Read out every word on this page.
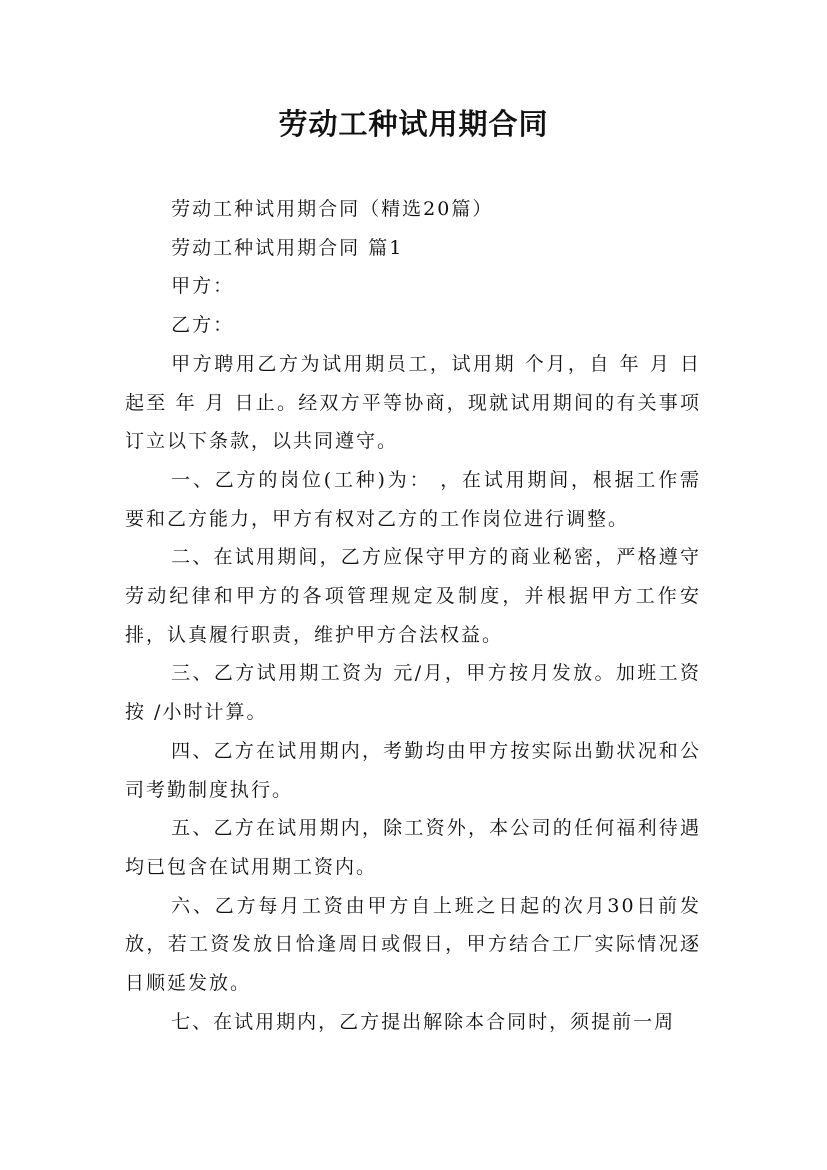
劳动工种试用期合同

劳动工种试用期合同（精选20篇）

劳动工种试用期合同 篇1

甲方：

乙方：

甲方聘用乙方为试用期员工，试用期 个月，自 年 月 日起至 年 月 日止。经双方平等协商，现就试用期间的有关事项订立以下条款，以共同遵守。

一、乙方的岗位(工种)为： ，在试用期间，根据工作需要和乙方能力，甲方有权对乙方的工作岗位进行调整。

二、在试用期间，乙方应保守甲方的商业秘密，严格遵守劳动纪律和甲方的各项管理规定及制度，并根据甲方工作安排，认真履行职责，维护甲方合法权益。

三、乙方试用期工资为 元/月，甲方按月发放。加班工资按 /小时计算。

四、乙方在试用期内，考勤均由甲方按实际出勤状况和公司考勤制度执行。

五、乙方在试用期内，除工资外，本公司的任何福利待遇均已包含在试用期工资内。

六、乙方每月工资由甲方自上班之日起的次月30日前发放，若工资发放日恰逢周日或假日，甲方结合工厂实际情况逐日顺延发放。

七、在试用期内，乙方提出解除本合同时，须提前一周
